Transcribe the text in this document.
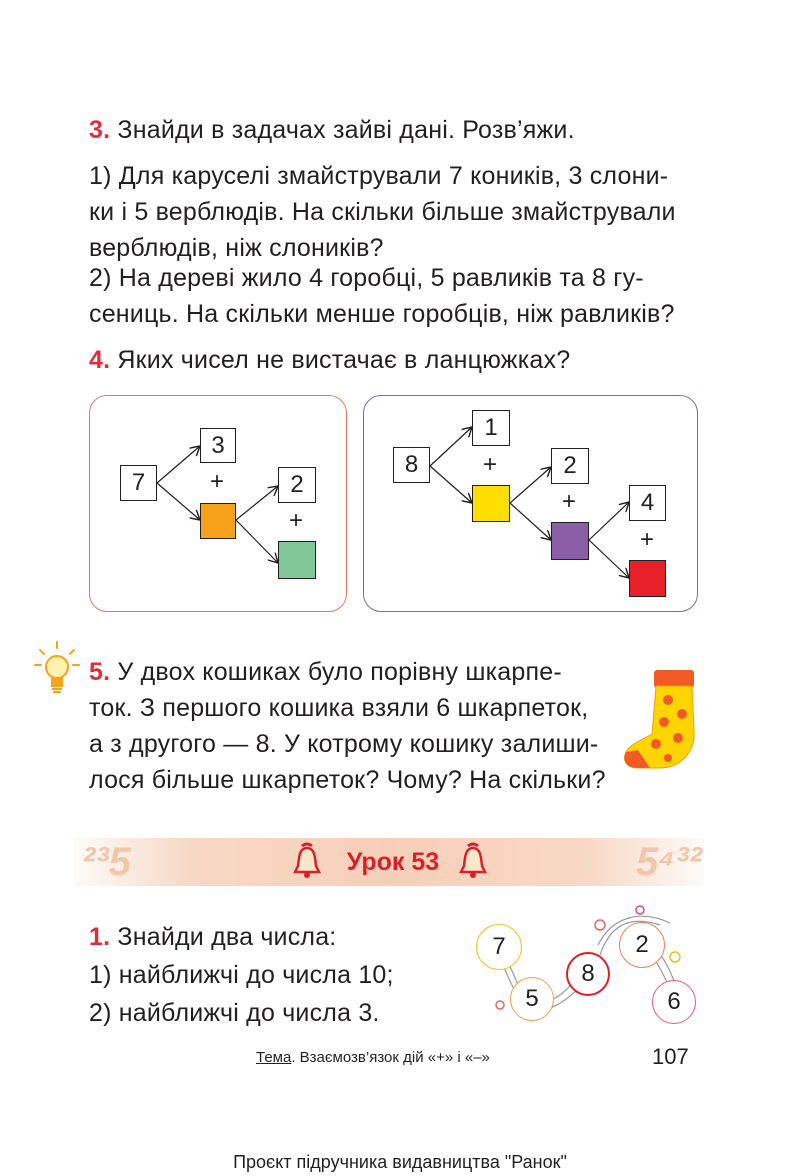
3. Знайди в задачах зайві дані. Розв’яжи.
1) Для каруселі змайстрували 7 коників, 3 слони-
ки і 5 верблюдів. На скільки більше змайстрували
верблюдів, ніж слоників?
2) На дереві жило 4 горобці, 5 равликів та 8 гу-
сениць. На скільки менше горобців, ніж равликів?
4. Яких чисел не вистачає в ланцюжках?
7
3
+	2
+
8
1
+	2
+	4
+
5. У двох кошиках було порівну шкарпе-
ток. З першого кошика взяли 6 шкарпеток,
а з другого — 8. У котрому кошику залиши-
лося більше шкарпеток? Чому? На скільки?
²³5	5⁴³²
Урок 53
1. Знайди два числа:
1) найближчі до числа 10;
2) найближчі до числа 3.
7
5
8
2
6
Тема. Взаємозв’язок дій «+» і «–»	107
Проєкт підручника видавництва "Ранок"
